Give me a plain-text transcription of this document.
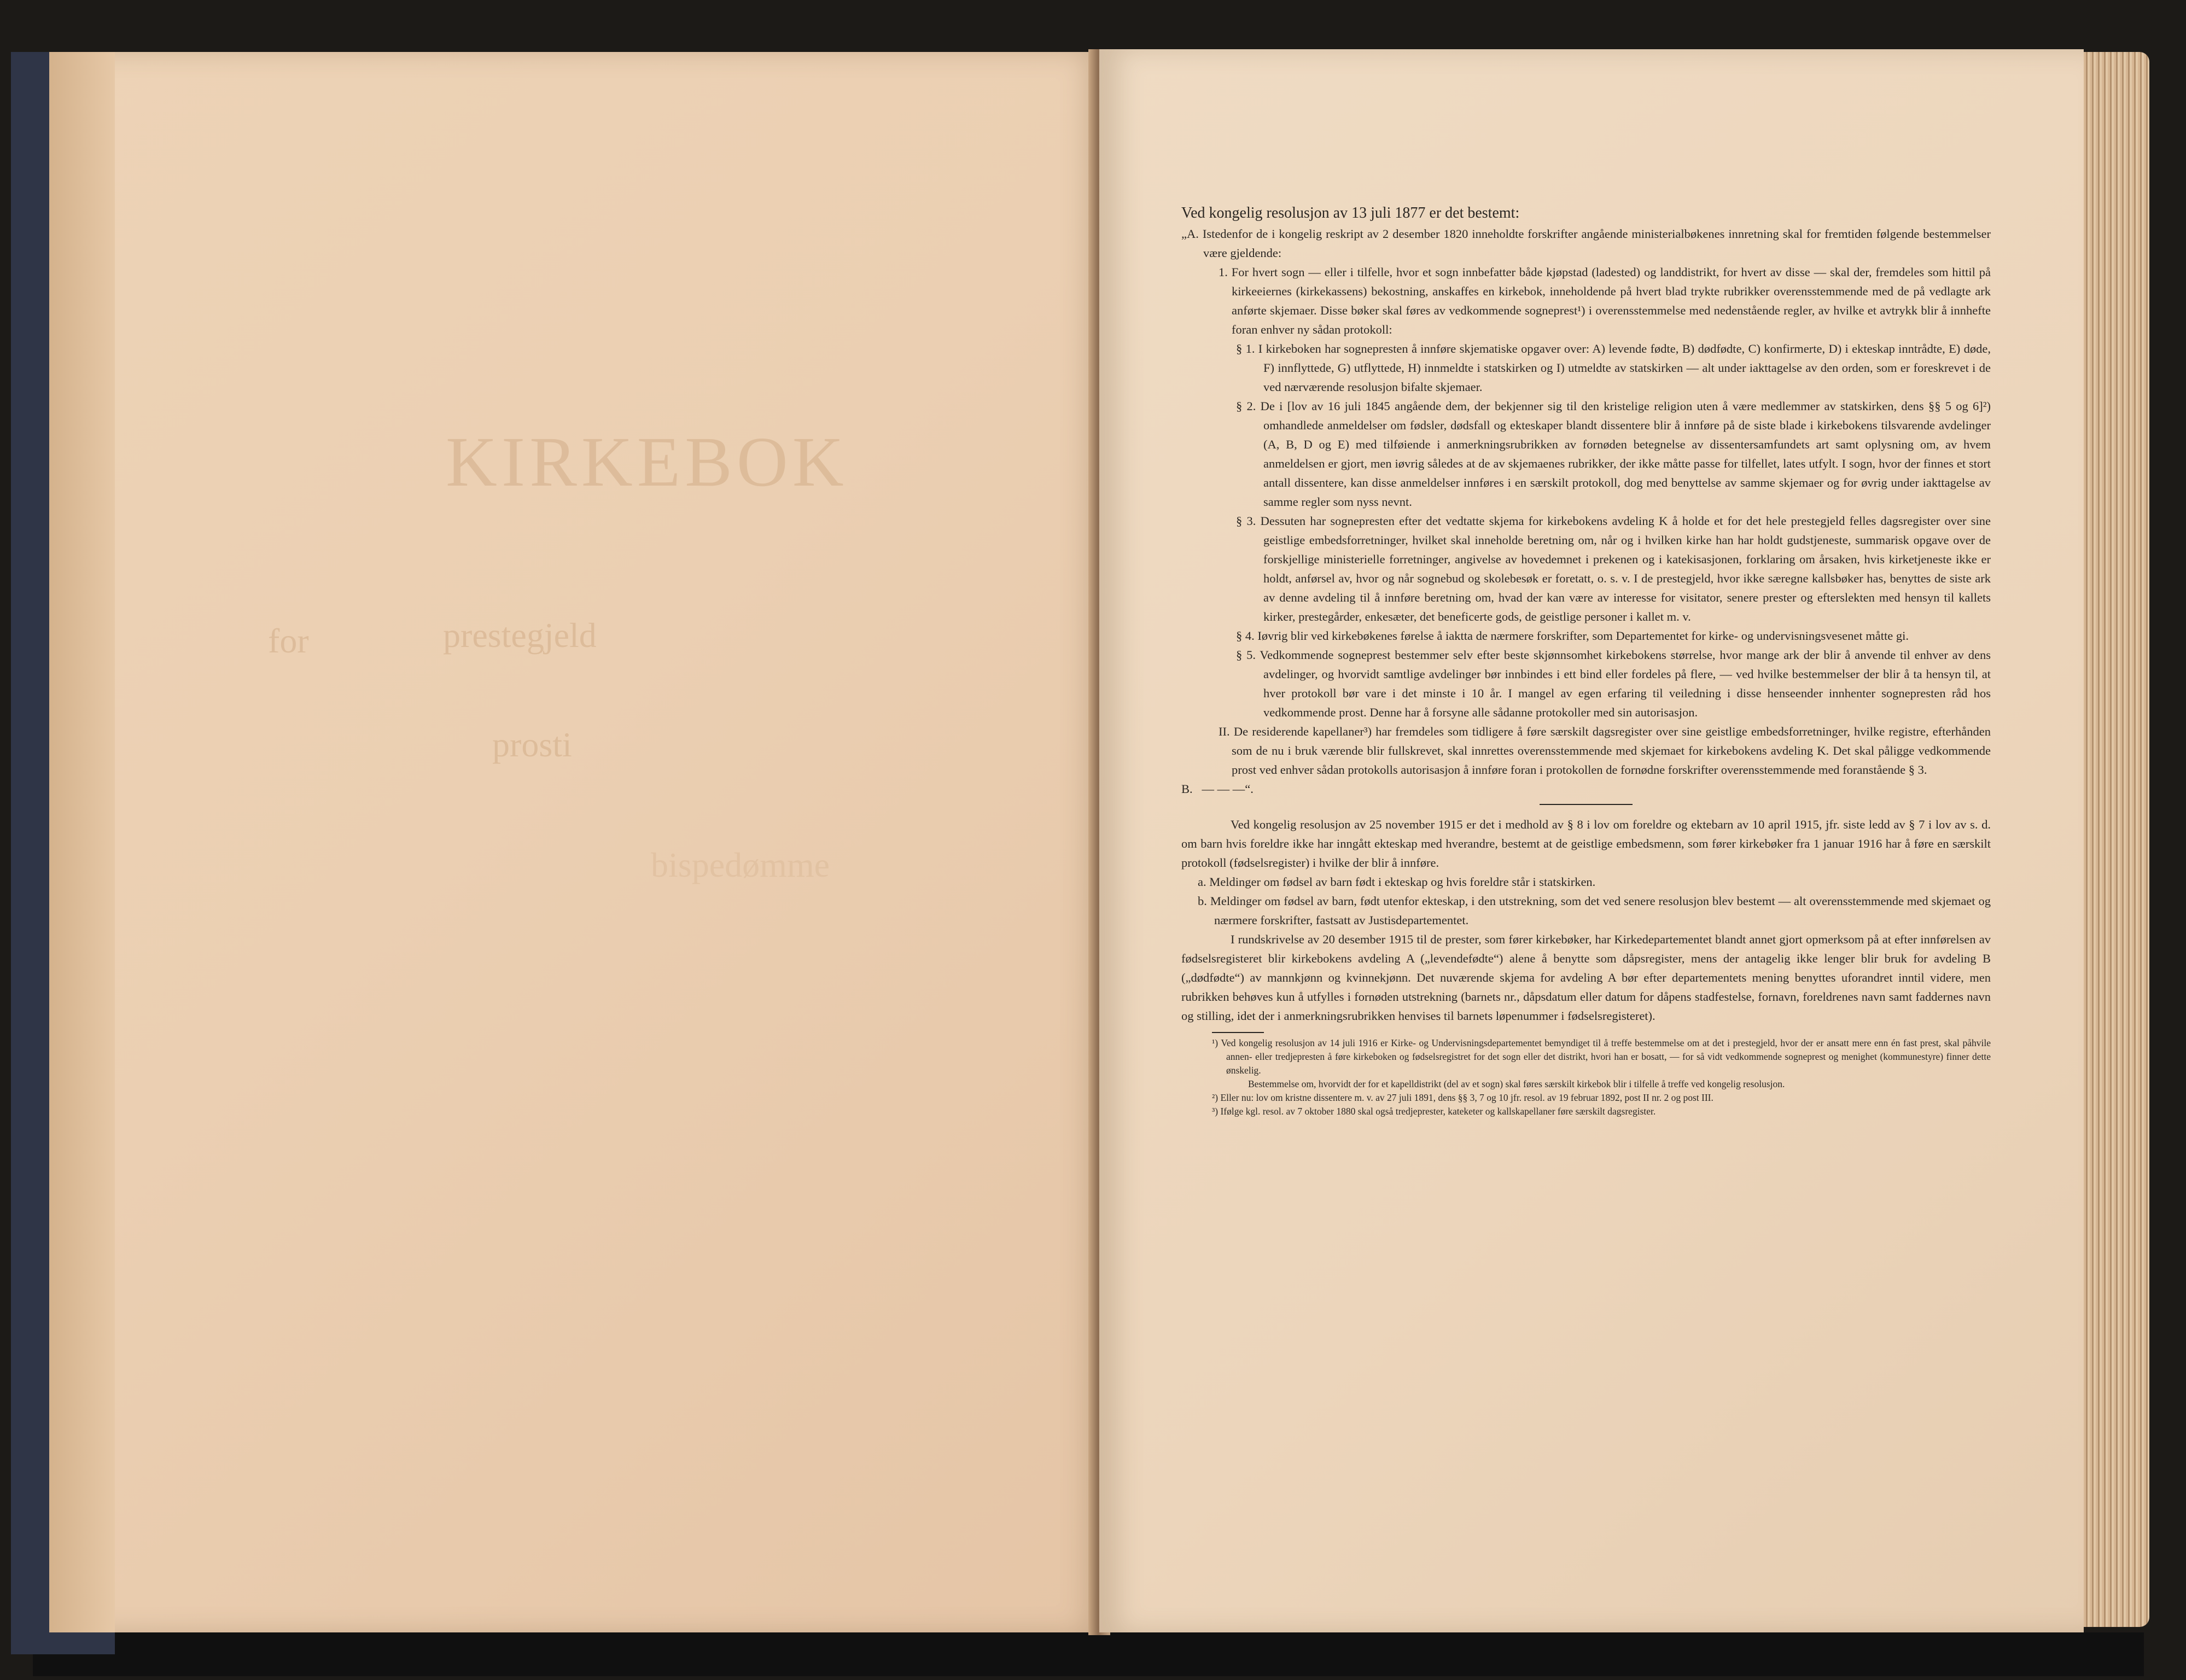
KIRKEBOK
for	prestegjeld
prosti
bispedømme

Ved kongelig resolusjon av 13 juli 1877 er det bestemt:

„A. Istedenfor de i kongelig reskript av 2 desember 1820 inneholdte forskrifter angående ministerialbøkenes innretning skal for fremtiden følgende bestemmelser være gjeldende:

1. For hvert sogn — eller i tilfelle, hvor et sogn innbefatter både kjøpstad (ladested) og landdistrikt, for hvert av disse — skal der, fremdeles som hittil på kirkeeiernes (kirkekassens) bekostning, anskaffes en kirkebok, inneholdende på hvert blad trykte rubrikker overensstemmende med de på vedlagte ark anførte skjemaer. Disse bøker skal føres av vedkommende sogneprest¹) i overensstemmelse med nedenstående regler, av hvilke et avtrykk blir å innhefte foran enhver ny sådan protokoll:

§ 1. I kirkeboken har sognepresten å innføre skjematiske opgaver over: A) levende fødte, B) dødfødte, C) konfirmerte, D) i ekteskap inntrådte, E) døde, F) innflyttede, G) utflyttede, H) innmeldte i statskirken og I) utmeldte av statskirken — alt under iakttagelse av den orden, som er foreskrevet i de ved nærværende resolusjon bifalte skjemaer.

§ 2. De i [lov av 16 juli 1845 angående dem, der bekjenner sig til den kristelige religion uten å være medlemmer av statskirken, dens §§ 5 og 6]²) omhandlede anmeldelser om fødsler, dødsfall og ekteskaper blandt dissentere blir å innføre på de siste blade i kirkebokens tilsvarende avdelinger (A, B, D og E) med tilføiende i anmerkningsrubrikken av fornøden betegnelse av dissentersamfundets art samt oplysning om, av hvem anmeldelsen er gjort, men iøvrig således at de av skjemaenes rubrikker, der ikke måtte passe for tilfellet, lates utfylt. I sogn, hvor der finnes et stort antall dissentere, kan disse anmeldelser innføres i en særskilt protokoll, dog med benyttelse av samme skjemaer og for øvrig under iakttagelse av samme regler som nyss nevnt.

§ 3. Dessuten har sognepresten efter det vedtatte skjema for kirkebokens avdeling K å holde et for det hele prestegjeld felles dagsregister over sine geistlige embedsforretninger, hvilket skal inneholde beretning om, når og i hvilken kirke han har holdt gudstjeneste, summarisk opgave over de forskjellige ministerielle forretninger, angivelse av hovedemnet i prekenen og i katekisasjonen, forklaring om årsaken, hvis kirketjeneste ikke er holdt, anførsel av, hvor og når sognebud og skolebesøk er foretatt, o. s. v. I de prestegjeld, hvor ikke særegne kallsbøker has, benyttes de siste ark av denne avdeling til å innføre beretning om, hvad der kan være av interesse for visitator, senere prester og efterslekten med hensyn til kallets kirker, prestegårder, enkesæter, det beneficerte gods, de geistlige personer i kallet m. v.

§ 4. Iøvrig blir ved kirkebøkenes førelse å iaktta de nærmere forskrifter, som Departementet for kirke- og undervisningsvesenet måtte gi.

§ 5. Vedkommende sogneprest bestemmer selv efter beste skjønnsomhet kirkebokens størrelse, hvor mange ark der blir å anvende til enhver av dens avdelinger, og hvorvidt samtlige avdelinger bør innbindes i ett bind eller fordeles på flere, — ved hvilke bestemmelser der blir å ta hensyn til, at hver protokoll bør vare i det minste i 10 år. I mangel av egen erfaring til veiledning i disse henseender innhenter sognepresten råd hos vedkommende prost. Denne har å forsyne alle sådanne protokoller med sin autorisasjon.

II. De residerende kapellaner³) har fremdeles som tidligere å føre særskilt dagsregister over sine geistlige embedsforretninger, hvilke registre, efterhånden som de nu i bruk værende blir fullskrevet, skal innrettes overensstemmende med skjemaet for kirkebokens avdeling K. Det skal påligge vedkommende prost ved enhver sådan protokolls autorisasjon å innføre foran i protokollen de fornødne forskrifter overensstemmende med foranstående § 3.

B.   — — —“.

Ved kongelig resolusjon av 25 november 1915 er det i medhold av § 8 i lov om foreldre og ektebarn av 10 april 1915, jfr. siste ledd av § 7 i lov av s. d. om barn hvis foreldre ikke har inngått ekteskap med hverandre, bestemt at de geistlige embedsmenn, som fører kirkebøker fra 1 januar 1916 har å føre en særskilt protokoll (fødselsregister) i hvilke der blir å innføre.

a. Meldinger om fødsel av barn født i ekteskap og hvis foreldre står i statskirken.

b. Meldinger om fødsel av barn, født utenfor ekteskap, i den utstrekning, som det ved senere resolusjon blev bestemt — alt overensstemmende med skjemaet og nærmere forskrifter, fastsatt av Justisdepartementet.

I rundskrivelse av 20 desember 1915 til de prester, som fører kirkebøker, har Kirkedepartementet blandt annet gjort opmerksom på at efter innførelsen av fødselsregisteret blir kirkebokens avdeling A („levendefødte“) alene å benytte som dåpsregister, mens der antagelig ikke lenger blir bruk for avdeling B („dødfødte“) av mannkjønn og kvinnekjønn. Det nuværende skjema for avdeling A bør efter departementets mening benyttes uforandret inntil videre, men rubrikken behøves kun å utfylles i fornøden utstrekning (barnets nr., dåpsdatum eller datum for dåpens stadfestelse, fornavn, foreldrenes navn samt faddernes navn og stilling, idet der i anmerkningsrubrikken henvises til barnets løpenummer i fødselsregisteret).

¹) Ved kongelig resolusjon av 14 juli 1916 er Kirke- og Undervisningsdepartementet bemyndiget til å treffe bestemmelse om at det i prestegjeld, hvor der er ansatt mere enn én fast prest, skal påhvile annen- eller tredjepresten å føre kirkeboken og fødselsregistret for det sogn eller det distrikt, hvori han er bosatt, — for så vidt vedkommende sogneprest og menighet (kommunestyre) finner dette ønskelig.

Bestemmelse om, hvorvidt der for et kapelldistrikt (del av et sogn) skal føres særskilt kirkebok blir i tilfelle å treffe ved kongelig resolusjon.

²) Eller nu: lov om kristne dissentere m. v. av 27 juli 1891, dens §§ 3, 7 og 10 jfr. resol. av 19 februar 1892, post II nr. 2 og post III.

³) Ifølge kgl. resol. av 7 oktober 1880 skal også tredjeprester, kateketer og kallskapellaner føre særskilt dagsregister.
